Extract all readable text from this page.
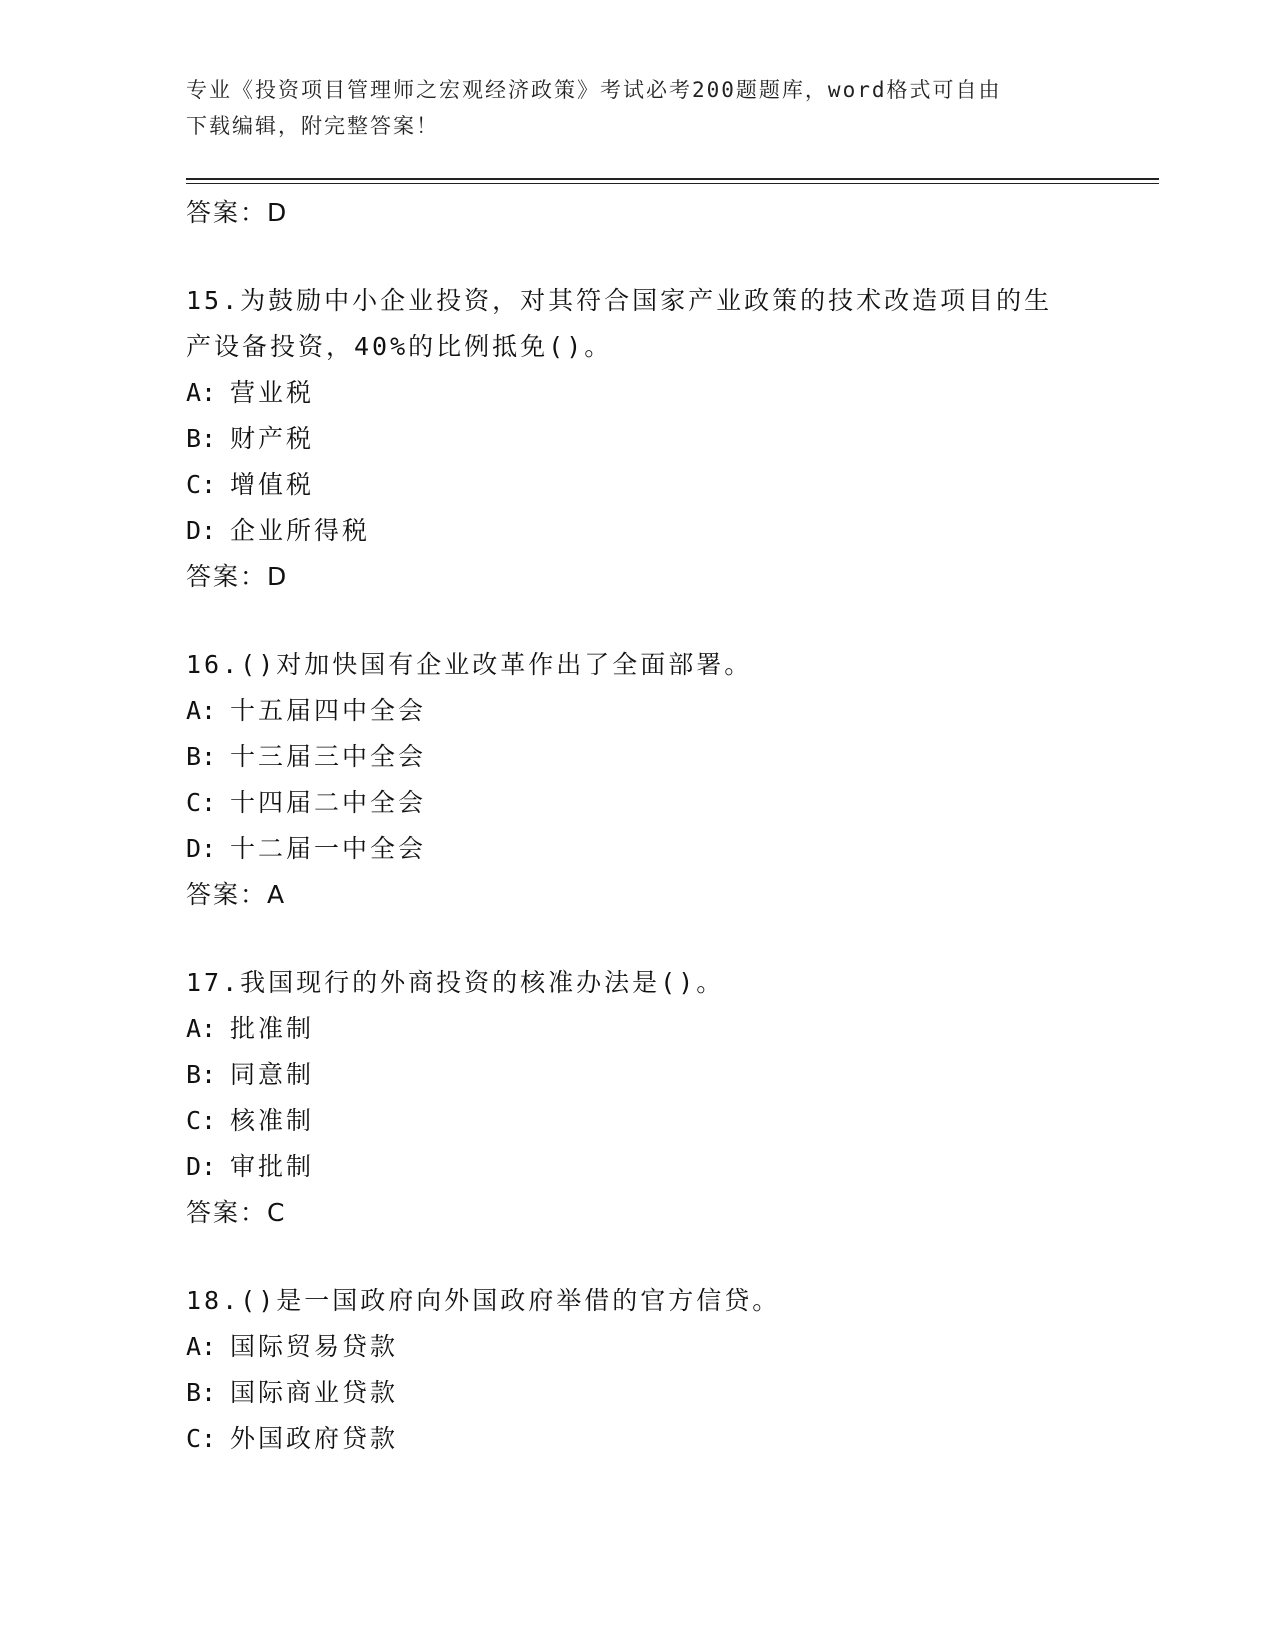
专业《投资项目管理师之宏观经济政策》考试必考200题题库，word格式可自由
下载编辑，附完整答案！
答案：D
15.为鼓励中小企业投资，对其符合国家产业政策的技术改造项目的生
产设备投资，40%的比例抵免()。
A: 营业税
B: 财产税
C: 增值税
D: 企业所得税
答案：D
16.()对加快国有企业改革作出了全面部署。
A: 十五届四中全会
B: 十三届三中全会
C: 十四届二中全会
D: 十二届一中全会
答案：A
17.我国现行的外商投资的核准办法是()。
A: 批准制
B: 同意制
C: 核准制
D: 审批制
答案：C
18.()是一国政府向外国政府举借的官方信贷。
A: 国际贸易贷款
B: 国际商业贷款
C: 外国政府贷款
